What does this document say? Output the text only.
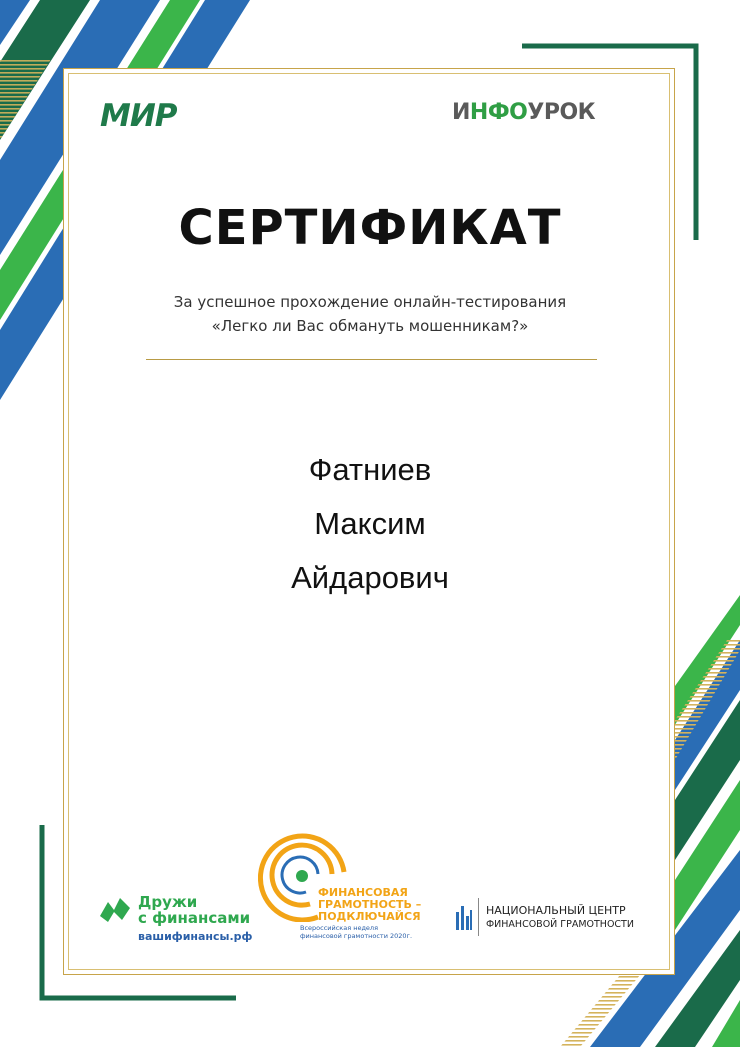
МИР	ИНФОУРОК
СЕРТИФИКАТ
За успешное прохождение онлайн-тестирования
«Легко ли Вас обмануть мошенникам?»
Фатниев
Максим
Айдарович
Дружи
с финансами
вашифинансы.рф
ФИНАНСОВАЯ
ГРАМОТНОСТЬ –
ПОДКЛЮЧАЙСЯ
Всероссийская неделя
финансовой грамотности 2020г.
НАЦИОНАЛЬНЫЙ ЦЕНТР
ФИНАНСОВОЙ ГРАМОТНОСТИ
